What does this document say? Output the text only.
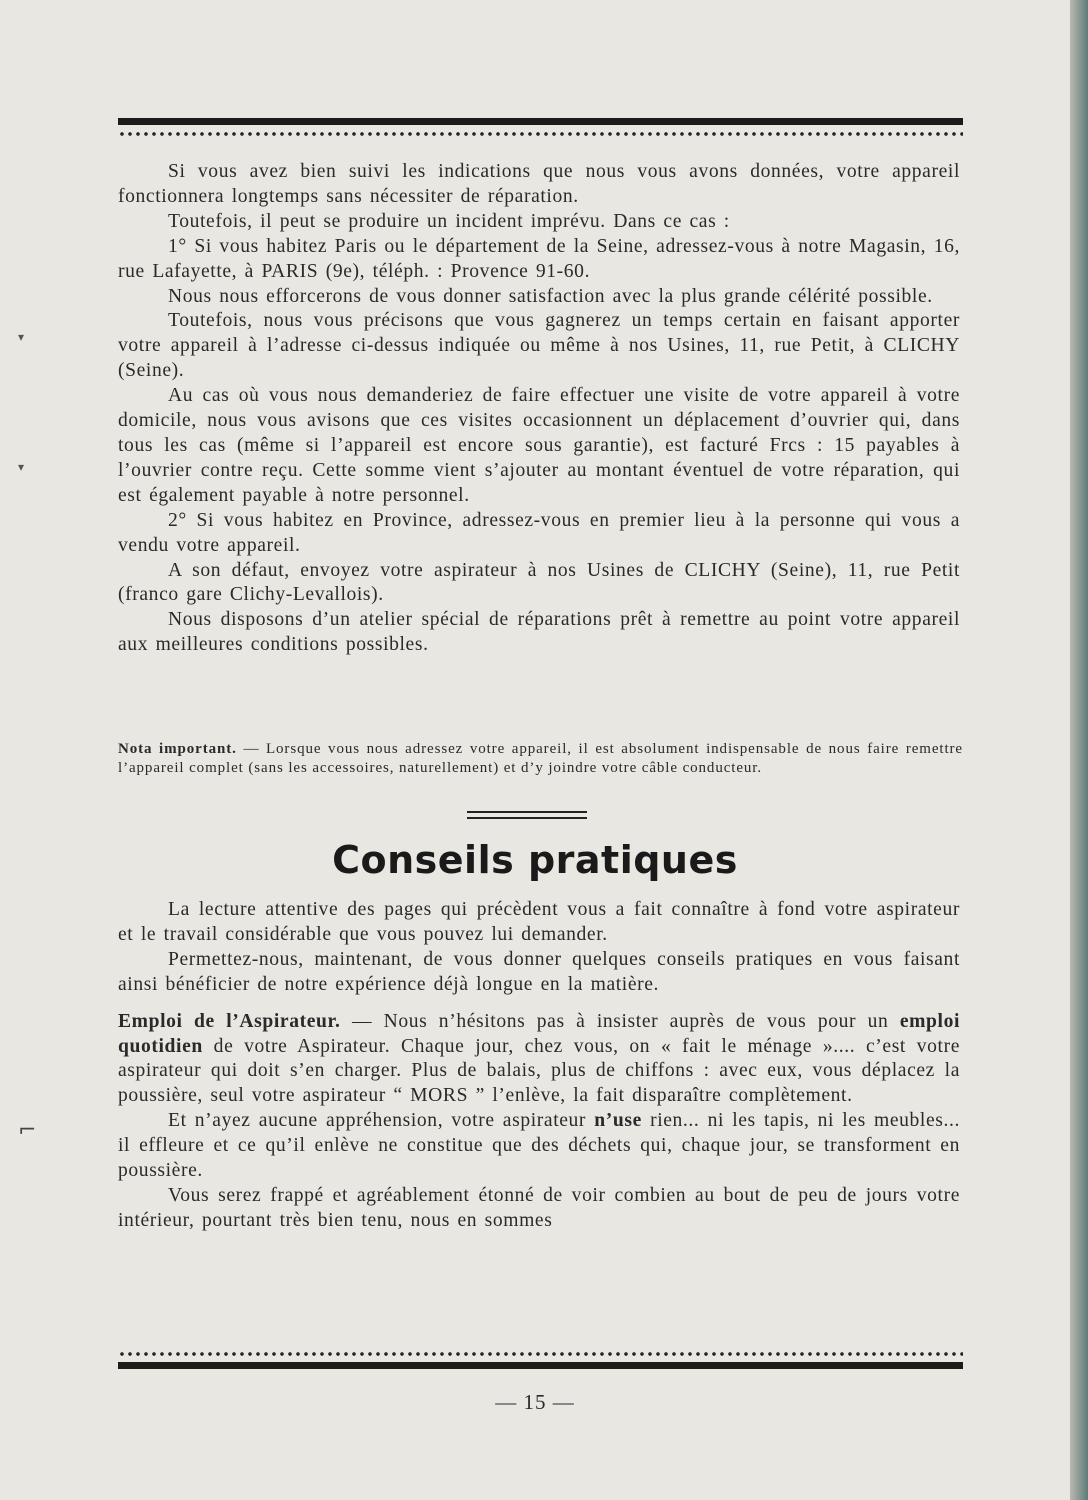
Si vous avez bien suivi les indications que nous vous avons données, votre appareil fonctionnera longtemps sans nécessiter de réparation.

Toutefois, il peut se produire un incident imprévu. Dans ce cas :

1° Si vous habitez Paris ou le département de la Seine, adressez-vous à notre Magasin, 16, rue Lafayette, à PARIS (9e), téléph. : Provence 91-60.

Nous nous efforcerons de vous donner satisfaction avec la plus grande célérité possible.

Toutefois, nous vous précisons que vous gagnerez un temps certain en faisant apporter votre appareil à l’adresse ci-dessus indiquée ou même à nos Usines, 11, rue Petit, à CLICHY (Seine).

Au cas où vous nous demanderiez de faire effectuer une visite de votre appareil à votre domicile, nous vous avisons que ces visites occasionnent un déplacement d’ouvrier qui, dans tous les cas (même si l’appareil est encore sous garantie), est facturé Frcs : 15 payables à l’ouvrier contre reçu. Cette somme vient s’ajouter au montant éventuel de votre réparation, qui est également payable à notre personnel.

2° Si vous habitez en Province, adressez-vous en premier lieu à la personne qui vous a vendu votre appareil.

A son défaut, envoyez votre aspirateur à nos Usines de CLICHY (Seine), 11, rue Petit (franco gare Clichy-Levallois).

Nous disposons d’un atelier spécial de réparations prêt à remettre au point votre appareil aux meilleures conditions possibles.

Nota important. — Lorsque vous nous adressez votre appareil, il est absolument indispensable de nous faire remettre l’appareil complet (sans les accessoires, naturellement) et d’y joindre votre câble conducteur.
Conseils pratiques

La lecture attentive des pages qui précèdent vous a fait connaître à fond votre aspirateur et le travail considérable que vous pouvez lui demander.

Permettez-nous, maintenant, de vous donner quelques conseils pratiques en vous faisant ainsi bénéficier de notre expérience déjà longue en la matière.

Emploi de l’Aspirateur. — Nous n’hésitons pas à insister auprès de vous pour un emploi quotidien de votre Aspirateur. Chaque jour, chez vous, on « fait le ménage ».... c’est votre aspirateur qui doit s’en charger. Plus de balais, plus de chiffons : avec eux, vous déplacez la poussière, seul votre aspirateur “ MORS ” l’enlève, la fait disparaître complètement.

Et n’ayez aucune appréhension, votre aspirateur n’use rien... ni les tapis, ni les meubles... il effleure et ce qu’il enlève ne constitue que des déchets qui, chaque jour, se transforment en poussière.

Vous serez frappé et agréablement étonné de voir combien au bout de peu de jours votre intérieur, pourtant très bien tenu, nous en sommes

— 15 —
▾
▾
⌐
